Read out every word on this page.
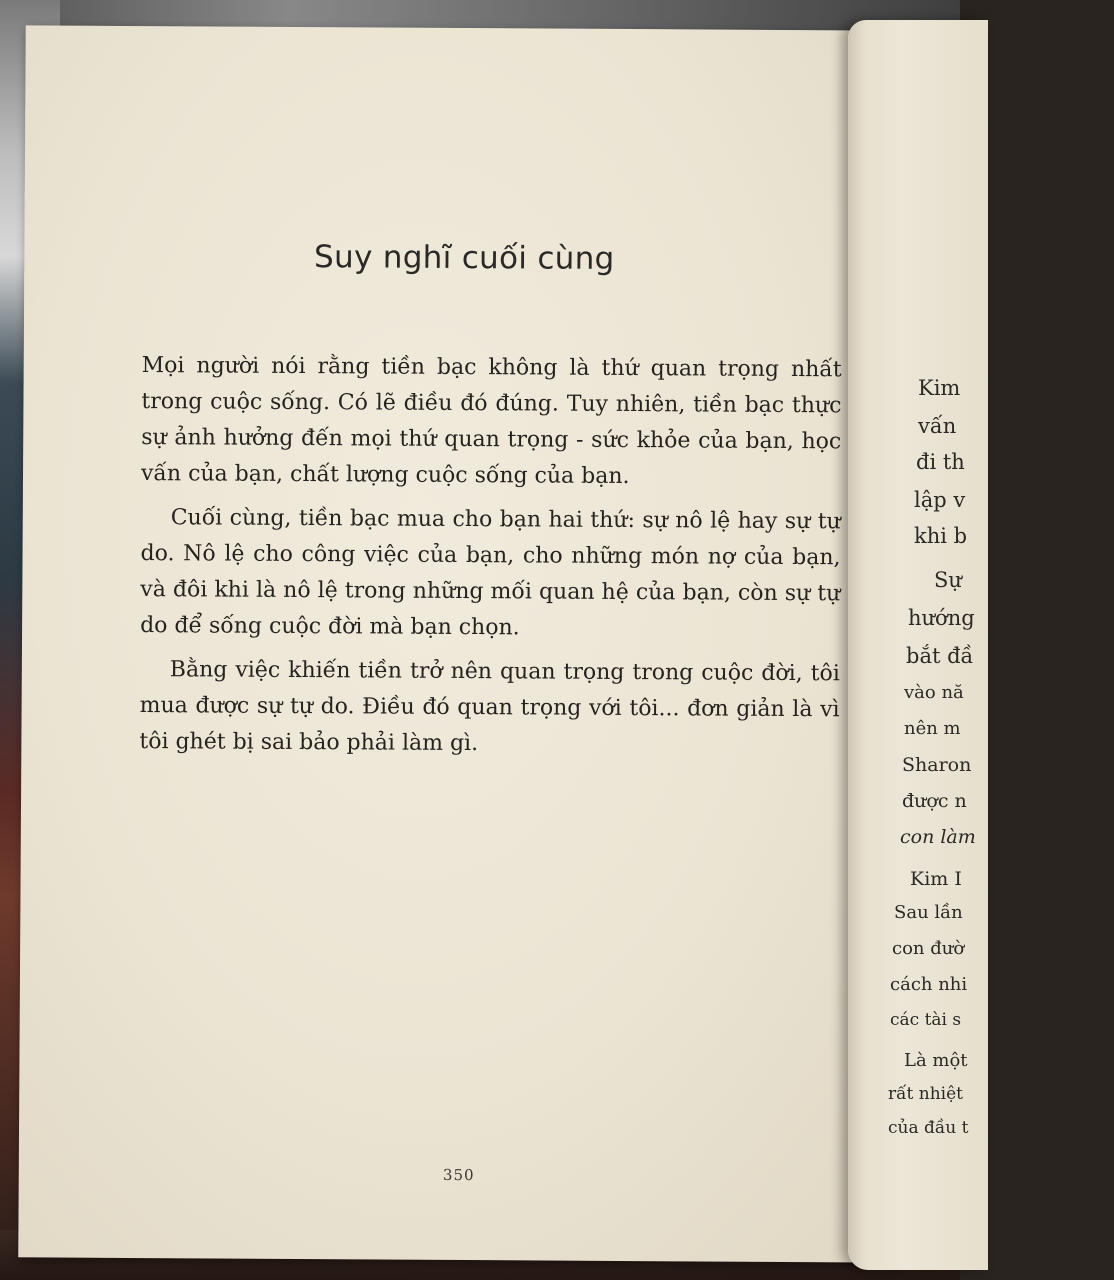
Suy nghĩ cuối cùng

Mọi người nói rằng tiền bạc không là thứ quan trọng nhất trong cuộc sống. Có lẽ điều đó đúng. Tuy nhiên, tiền bạc thực sự ảnh hưởng đến mọi thứ quan trọng - sức khỏe của bạn, học vấn của bạn, chất lượng cuộc sống của bạn.

Cuối cùng, tiền bạc mua cho bạn hai thứ: sự nô lệ hay sự tự do. Nô lệ cho công việc của bạn, cho những món nợ của bạn, và đôi khi là nô lệ trong những mối quan hệ của bạn, còn sự tự do để sống cuộc đời mà bạn chọn.

Bằng việc khiến tiền trở nên quan trọng trong cuộc đời, tôi mua được sự tự do. Điều đó quan trọng với tôi... đơn giản là vì tôi ghét bị sai bảo phải làm gì.

350
Kim
vấn
đi th
lập v
khi b
Sự
hướng
bắt đầ
vào nă
nên m
Sharon
được n
con làm
Kim I
Sau lần
con đườ
cách nhi
các tài s
Là một
rất nhiệt
của đầu t
